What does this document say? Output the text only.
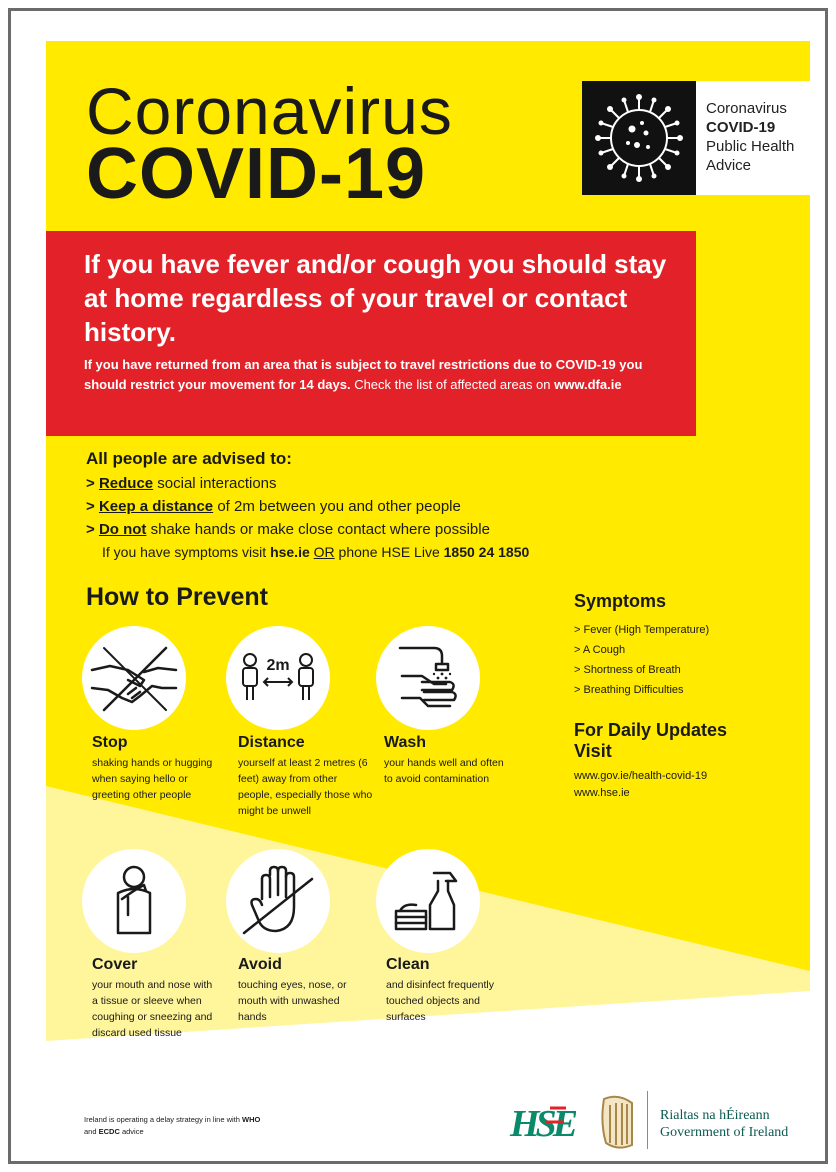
Coronavirus
COVID-19
Coronavirus
COVID-19
Public Health
Advice
If you have fever and/or cough you should stay at home regardless of your travel or contact history.
If you have returned from an area that is subject to travel restrictions due to COVID-19 you should restrict your movement for 14 days. Check the list of affected areas on www.dfa.ie
All people are advised to:
> Reduce social interactions
> Keep a distance of 2m between you and other people
> Do not shake hands or make close contact where possible
If you have symptoms visit hse.ie OR phone HSE Live 1850 24 1850
How to Prevent
2m
Stop
shaking hands or hugging when saying hello or greeting other people
Distance
yourself at least 2 metres (6 feet) away from other people, especially those who might be unwell
Wash
your hands well and often to avoid contamination
Cover
your mouth and nose with a tissue or sleeve when coughing or sneezing and discard used tissue
Avoid
touching eyes, nose, or mouth with unwashed hands
Clean
and disinfect frequently touched objects and surfaces
Symptoms
> Fever (High Temperature)
> A Cough
> Shortness of Breath
> Breathing Difficulties
For Daily Updates Visit
www.gov.ie/health-covid-19
www.hse.ie
Ireland is operating a delay strategy in line with WHO and ECDC advice	HSE	Rialtas na hÉireann
Government of Ireland
